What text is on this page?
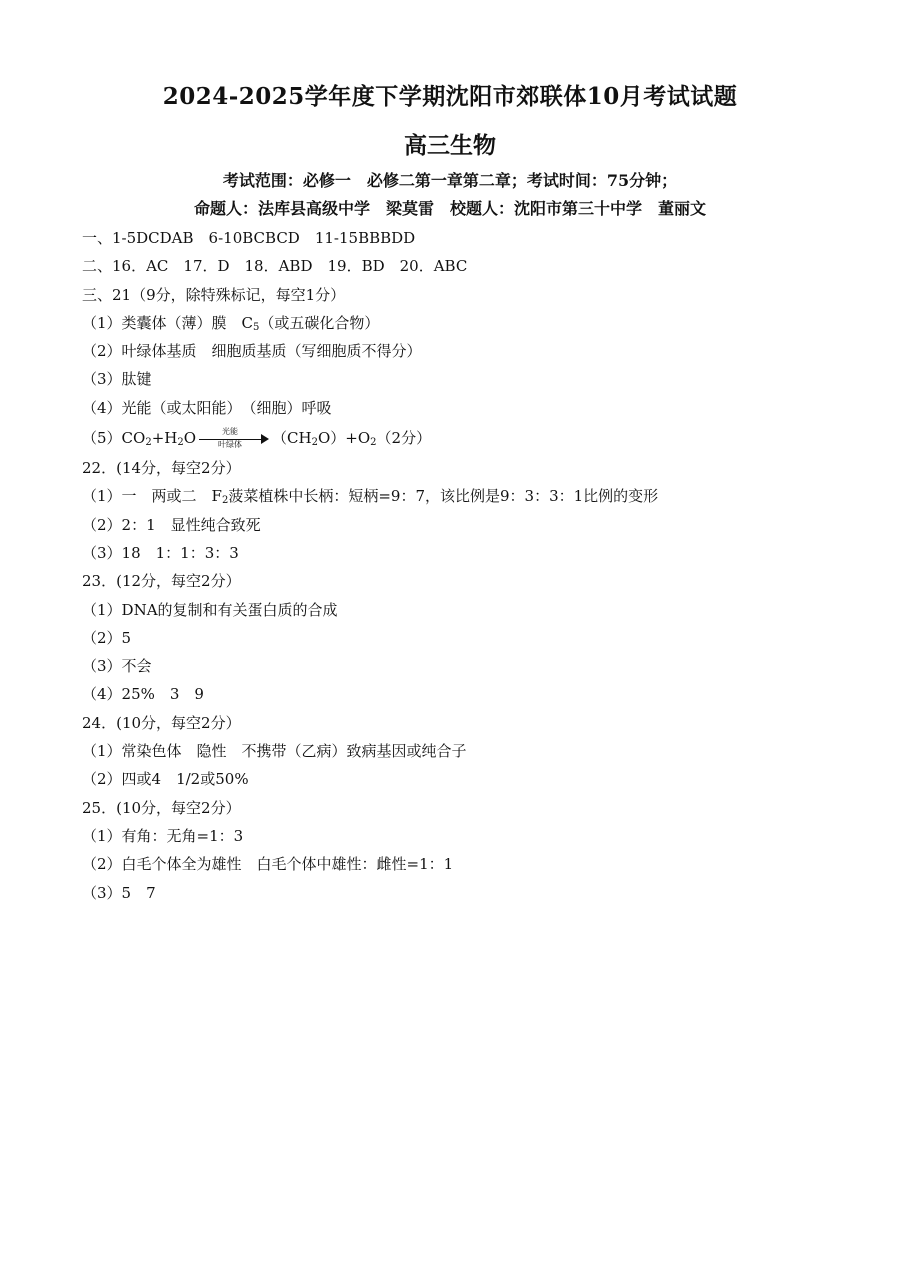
2024-2025学年度下学期沈阳市郊联体10月考试试题
高三生物
考试范围：必修一　必修二第一章第二章；考试时间：75分钟；
命题人：法库县高级中学　梁莫雷　校题人：沈阳市第三十中学　董丽文
一、1-5DCDAB　6-10BCBCD　11-15BBBDD
二、16．AC　17．D　18．ABD　19．BD　20．ABC
三、21（9分，除特殊标记，每空1分）
（1）类囊体（薄）膜　$C_5$（或五碳化合物）
（2）叶绿体基质　细胞质基质（写细胞质不得分）
（3）肽键
（4）光能（或太阳能）　（细胞）呼吸
$(5)CO_2+H_2O$	光能
叶绿体	$(CH_2O)+O_2(2$分）
22．(14分，每空2分）
（1）一　两或二　$F_2$菠菜植株中长柄：短柄=9：7，该比例是9：3：3：1比例的变形
（2）2：1　显性纯合致死
（3）18　1：1：3：3
23．(12分，每空2分）
（1）DNA的复制和有关蛋白质的合成
（2）5
（3）不会
（4）25%　3　9
24．(10分，每空2分）
（1）常染色体　隐性　不携带（乙病）致病基因或纯合子
（2）四或4　1/2或50%
25．(10分，每空2分）
（1）有角：无角=1：3
（2）白毛个体全为雄性　白毛个体中雄性：雌性=1：1
（3）5　7
